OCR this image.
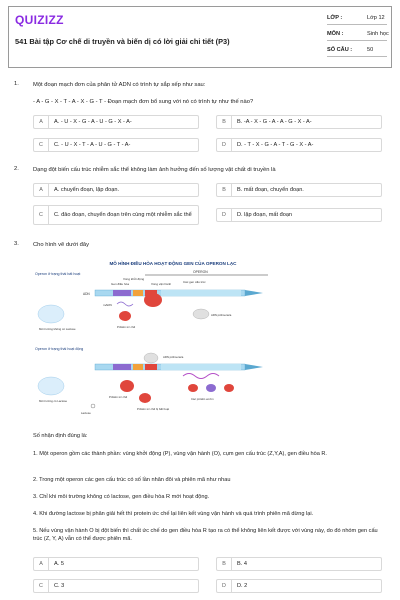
QUIZIZZ
541 Bài tập Cơ chế di truyền và biến dị có lời giải chi tiết (P3)
LỚP :	Lớp 12
MÔN :	Sinh học
SỐ CÂU :	50
1. Một đoạn mạch đơn của phân tử ADN có trình tự sắp xếp như sau:
- A - G - X - T - A - X - G - T - Đoạn mạch đơn bổ sung với nó có trình tự như thế nào?
A	A. - U - X - G - A - U - G - X - A-	B	B. -A - X - G - A - A - G - X - A-
C	C. - U - X - T - A - U - G - T - A-	D	D. - T - X - G - A - T - G - X - A-
2. Dạng đột biến cấu trúc nhiễm sắc thể không làm ảnh hưởng đến số lượng vật chất di truyền là
A	A. chuyển đoạn, lặp đoạn.	B	B. mất đoạn, chuyển đoạn.
C	C. đảo đoạn, chuyển đoạn trên cùng một nhiễm sắc thể	D	D. lặp đoạn, mất đoạn
3. Cho hình vẽ dưới đây
MÔ HÌNH ĐIỀU HÒA HOẠT ĐỘNG GEN CỦA OPERON LẠC
Operon ở trạng thái bất hoạt	OPERON
Vùng khởi động
Gen điều hòa	Các gen cấu trúc
Vùng vận hành
ADN
mARN
Prôtêin ức chế
ARN pôlimeraza
Môi trường không có Lactose
Operon ở trạng thái hoạt động
ARN pôlimeraza
Các prôtêin enzim
Prôtêin ức chế
Prôtêin ức chế bị bất hoạt
Lactose
Môi trường có Lactose
Số nhận định đúng là:
1. Một operon gồm các thành phần: vùng khởi động (P), vùng vận hành (O), cụm gen cấu trúc (Z,Y,A), gen điều hòa R.
2. Trong một operon các gen cấu trúc có số lần nhân đôi và phiên mã như nhau
3. Chỉ khi môi trường không có lactose, gen điều hòa R mới hoạt động.
4. Khi đường lactose bị phân giải hết thì protein ức chế lại liên kết vùng vận hành và quá trình phiên mã dừng lại.
5. Nếu vùng vận hành O bị đột biến thì chất ức chế do gen điều hòa R tạo ra có thể không liên kết được với vùng này, do đó nhóm gen cấu trúc (Z, Y, A) vẫn có thể được phiên mã.
A	A. 5	B	B. 4
C	C. 3	D	D. 2
